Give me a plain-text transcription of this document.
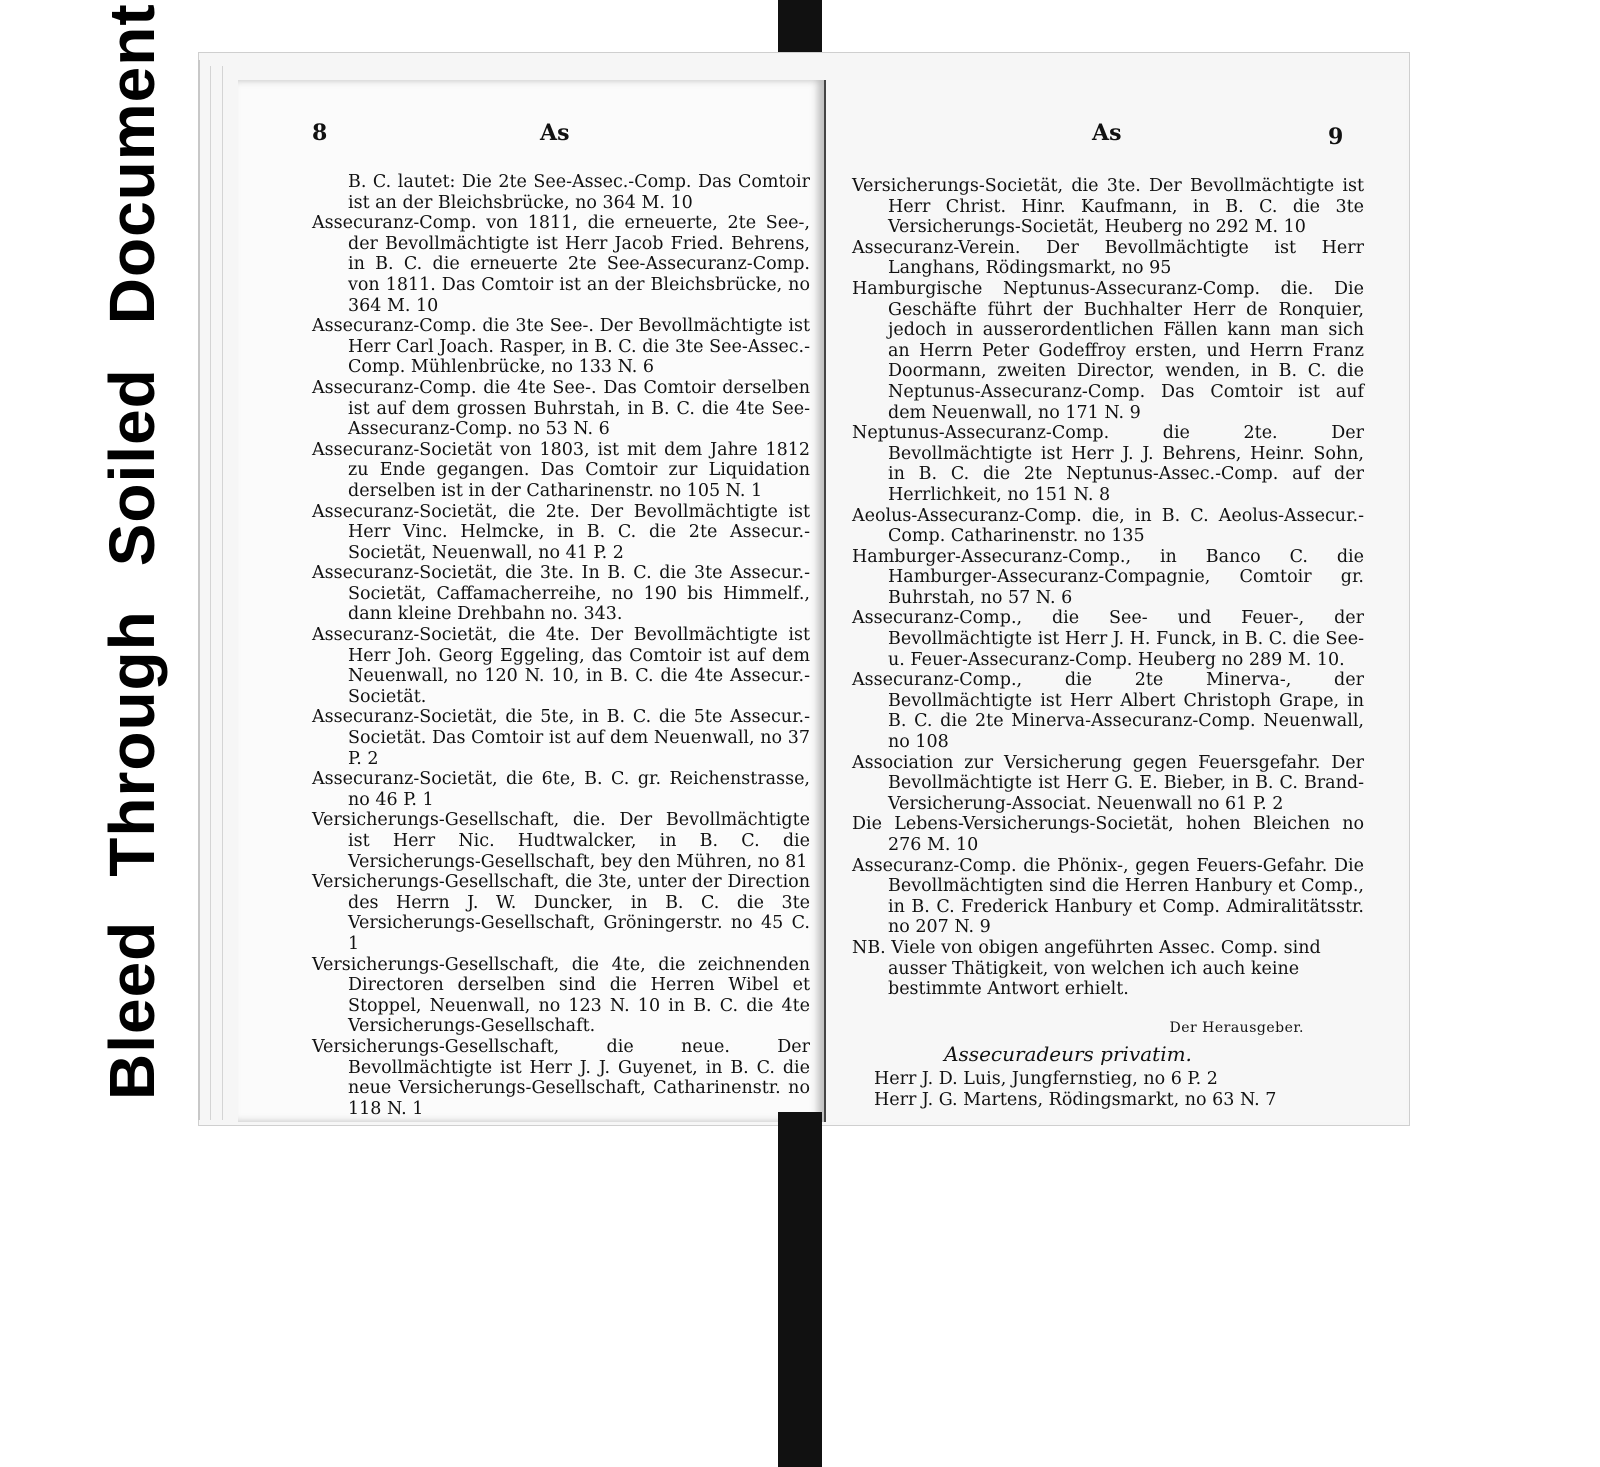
BleedThroughSoiledDocument	8	As	As	9

B. C. lautet: Die 2te See-Assec.-Comp. Das Comtoir ist an der Bleichsbrücke, no 364 M. 10

Assecuranz-Comp. von 1811, die erneuerte, 2te See-, der Bevollmächtigte ist Herr Jacob Fried. Behrens, in B. C. die erneuerte 2te See-Assecuranz-Comp. von 1811. Das Comtoir ist an der Bleichsbrücke, no 364 M. 10

Assecuranz-Comp. die 3te See-. Der Bevollmächtigte ist Herr Carl Joach. Rasper, in B. C. die 3te See-Assec.-Comp. Mühlenbrücke, no 133 N. 6

Assecuranz-Comp. die 4te See-. Das Comtoir derselben ist auf dem grossen Buhrstah, in B. C. die 4te See-Assecuranz-Comp. no 53 N. 6

Assecuranz-Societät von 1803, ist mit dem Jahre 1812 zu Ende gegangen. Das Comtoir zur Liquidation derselben ist in der Catharinenstr. no 105 N. 1

Assecuranz-Societät, die 2te. Der Bevollmächtigte ist Herr Vinc. Helmcke, in B. C. die 2te Assecur.-Societät, Neuenwall, no 41 P. 2

Assecuranz-Societät, die 3te. In B. C. die 3te Assecur.-Societät, Caffamacherreihe, no 190 bis Himmelf., dann kleine Drehbahn no. 343.

Assecuranz-Societät, die 4te. Der Bevollmächtigte ist Herr Joh. Georg Eggeling, das Comtoir ist auf dem Neuenwall, no 120 N. 10, in B. C. die 4te Assecur.-Societät.

Assecuranz-Societät, die 5te, in B. C. die 5te Assecur.-Societät. Das Comtoir ist auf dem Neuenwall, no 37 P. 2

Assecuranz-Societät, die 6te, B. C. gr. Reichenstrasse, no 46 P. 1

Versicherungs-Gesellschaft, die. Der Bevollmächtigte ist Herr Nic. Hudtwalcker, in B. C. die Versicherungs-Gesellschaft, bey den Mühren, no 81

Versicherungs-Gesellschaft, die 3te, unter der Direction des Herrn J. W. Duncker, in B. C. die 3te Versicherungs-Gesellschaft, Gröningerstr. no 45 C. 1

Versicherungs-Gesellschaft, die 4te, die zeichnenden Directoren derselben sind die Herren Wibel et Stoppel, Neuenwall, no 123 N. 10 in B. C. die 4te Versicherungs-Gesellschaft.

Versicherungs-Gesellschaft, die neue. Der Bevollmächtigte ist Herr J. J. Guyenet, in B. C. die neue Versicherungs-Gesellschaft, Catharinenstr. no 118 N. 1

Versicherungs-Societät, die 3te. Der Bevollmächtigte ist Herr Christ. Hinr. Kaufmann, in B. C. die 3te Versicherungs-Societät, Heuberg no 292 M. 10

Assecuranz-Verein. Der Bevollmächtigte ist Herr Langhans, Rödingsmarkt, no 95

Hamburgische Neptunus-Assecuranz-Comp. die. Die Geschäfte führt der Buchhalter Herr de Ronquier, jedoch in ausserordentlichen Fällen kann man sich an Herrn Peter Godeffroy ersten, und Herrn Franz Doormann, zweiten Director, wenden, in B. C. die Neptunus-Assecuranz-Comp. Das Comtoir ist auf dem Neuenwall, no 171 N. 9

Neptunus-Assecuranz-Comp. die 2te. Der Bevollmächtigte ist Herr J. J. Behrens, Heinr. Sohn, in B. C. die 2te Neptunus-Assec.-Comp. auf der Herrlichkeit, no 151 N. 8

Aeolus-Assecuranz-Comp. die, in B. C. Aeolus-Assecur.-Comp. Catharinenstr. no 135

Hamburger-Assecuranz-Comp., in Banco C. die Hamburger-Assecuranz-Compagnie, Comtoir gr. Buhrstah, no 57 N. 6

Assecuranz-Comp., die See- und Feuer-, der Bevollmächtigte ist Herr J. H. Funck, in B. C. die See- u. Feuer-Assecuranz-Comp. Heuberg no 289 M. 10.

Assecuranz-Comp., die 2te Minerva-, der Bevollmächtigte ist Herr Albert Christoph Grape, in B. C. die 2te Minerva-Assecuranz-Comp. Neuenwall, no 108

Association zur Versicherung gegen Feuersgefahr. Der Bevollmächtigte ist Herr G. E. Bieber, in B. C. Brand-Versicherung-Associat. Neuenwall no 61 P. 2

Die Lebens-Versicherungs-Societät, hohen Bleichen no 276 M. 10

Assecuranz-Comp. die Phönix-, gegen Feuers-Gefahr. Die Bevollmächtigten sind die Herren Hanbury et Comp., in B. C. Frederick Hanbury et Comp. Admiralitätsstr. no 207 N. 9

NB. Viele von obigen angeführten Assec. Comp. sind ausser Thätigkeit, von welchen ich auch keine bestimmte Antwort erhielt.

Der Herausgeber.

Assecuradeurs privatim.

Herr J. D. Luis, Jungfernstieg, no 6 P. 2

Herr J. G. Martens, Rödingsmarkt, no 63 N. 7
